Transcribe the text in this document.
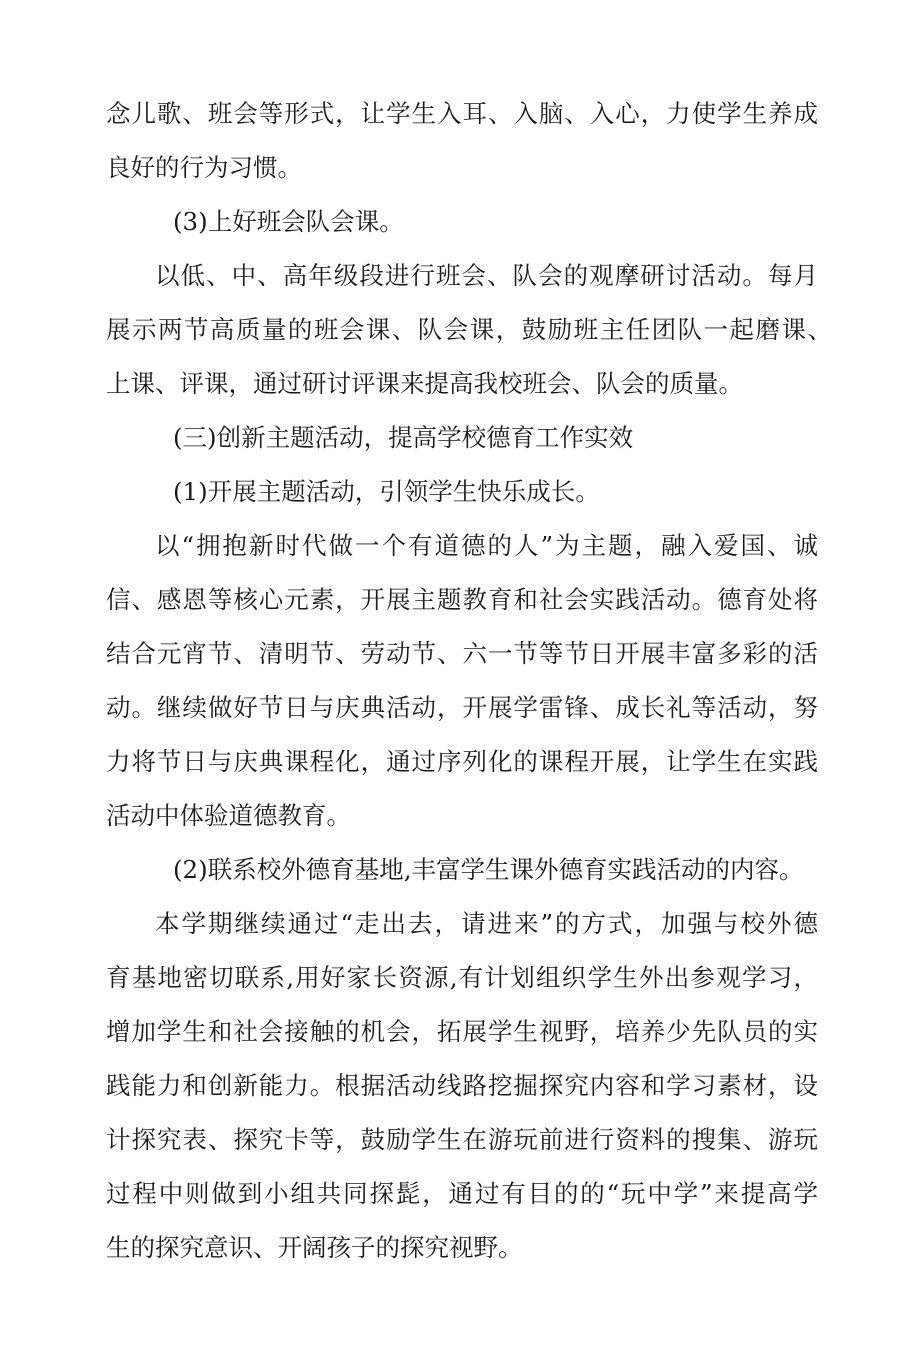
念儿歌、班会等形式，让学生入耳、入脑、入心，力使学生养成
良好的行为习惯。
(3)上好班会队会课。
以低、中、高年级段进行班会、队会的观摩研讨活动。每月
展示两节高质量的班会课、队会课，鼓励班主任团队一起磨课、
上课、评课，通过研讨评课来提高我校班会、队会的质量。
(三)创新主题活动，提高学校德育工作实效
(1)开展主题活动，引领学生快乐成长。
以“拥抱新时代做一个有道德的人”为主题，融入爱国、诚
信、感恩等核心元素，开展主题教育和社会实践活动。德育处将
结合元宵节、清明节、劳动节、六一节等节日开展丰富多彩的活
动。继续做好节日与庆典活动，开展学雷锋、成长礼等活动，努
力将节日与庆典课程化，通过序列化的课程开展，让学生在实践
活动中体验道德教育。
(2)联系校外德育基地,丰富学生课外德育实践活动的内容。
本学期继续通过“走出去，请进来”的方式，加强与校外德
育基地密切联系,用好家长资源,有计划组织学生外出参观学习，
增加学生和社会接触的机会，拓展学生视野，培养少先队员的实
践能力和创新能力。根据活动线路挖掘探究内容和学习素材，设
计探究表、探究卡等，鼓励学生在游玩前进行资料的搜集、游玩
过程中则做到小组共同探髭，通过有目的的“玩中学”来提高学
生的探究意识、开阔孩子的探究视野。
